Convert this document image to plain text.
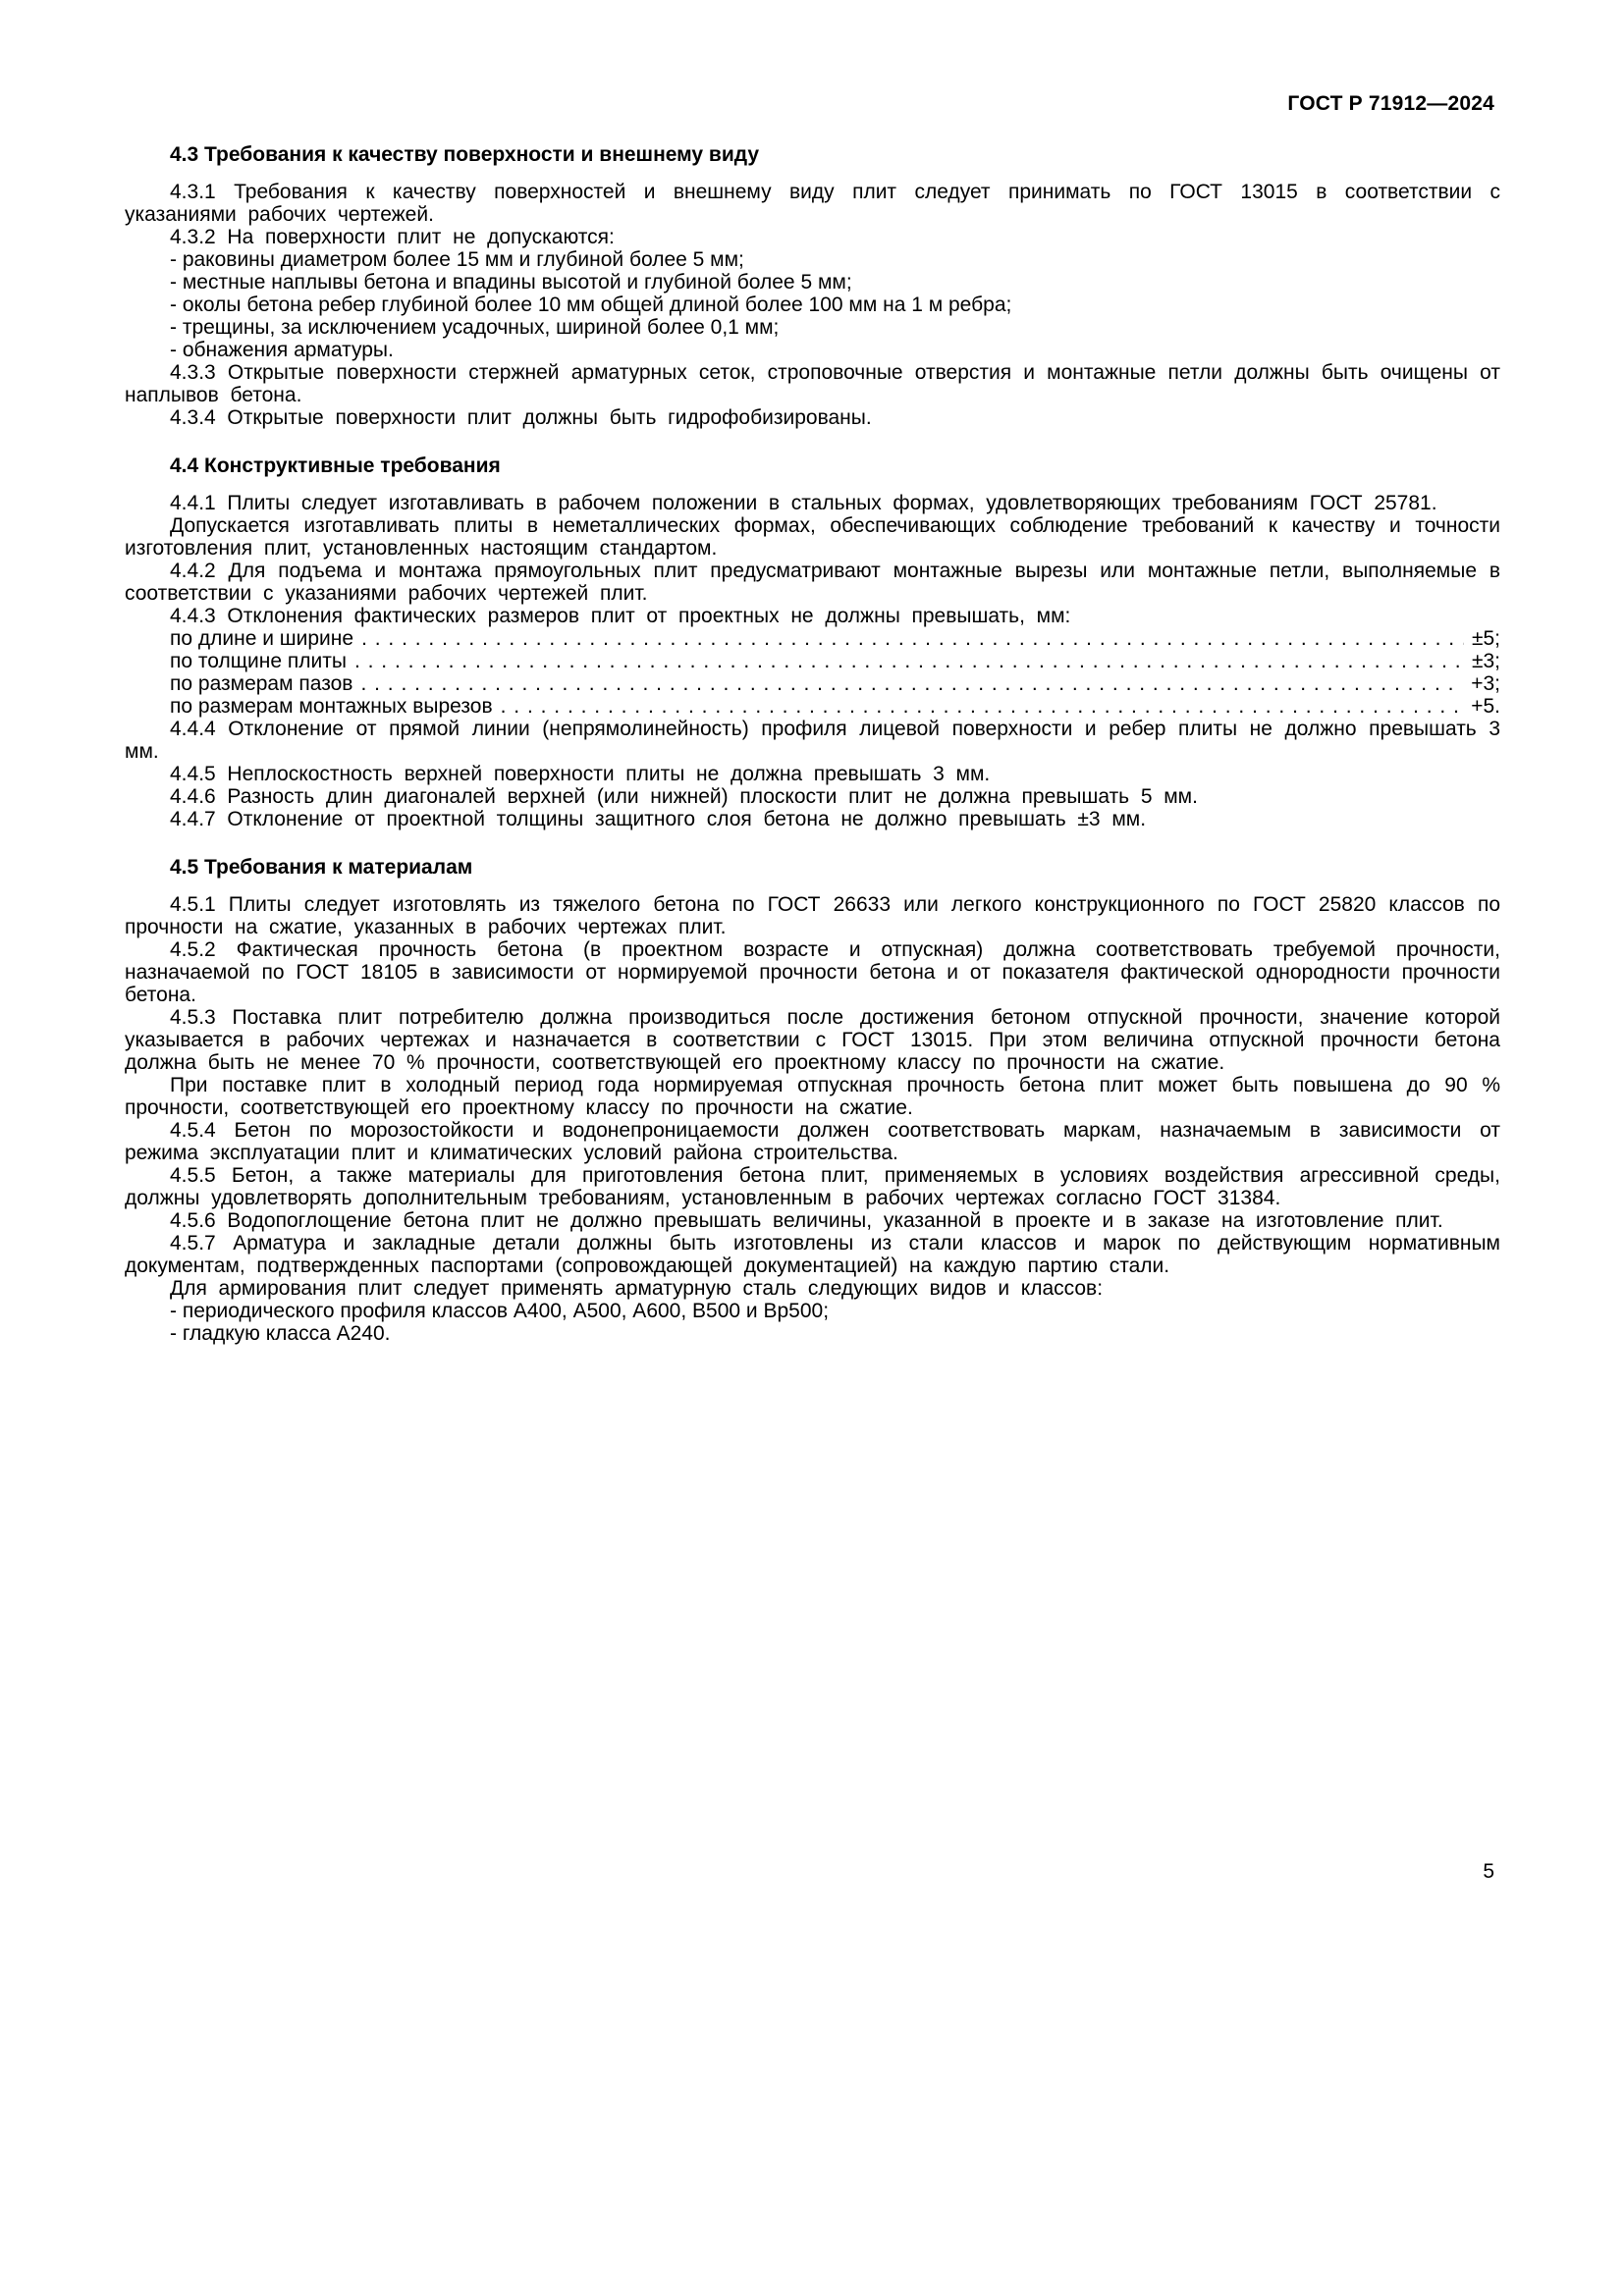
ГОСТ Р 71912—2024
4.3 Требования к качеству поверхности и внешнему виду

4.3.1 Требования к качеству поверхностей и внешнему виду плит следует принимать по ГОСТ 13015 в соответствии с указаниями рабочих чертежей.

4.3.2 На поверхности плит не допускаются:

- раковины диаметром более 15 мм и глубиной более 5 мм;

- местные наплывы бетона и впадины высотой и глубиной более 5 мм;

- околы бетона ребер глубиной более 10 мм общей длиной более 100 мм на 1 м ребра;

- трещины, за исключением усадочных, шириной более 0,1 мм;

- обнажения арматуры.

4.3.3 Открытые поверхности стержней арматурных сеток, строповочные отверстия и монтажные петли должны быть очищены от наплывов бетона.

4.3.4 Открытые поверхности плит должны быть гидрофобизированы.

4.4 Конструктивные требования

4.4.1 Плиты следует изготавливать в рабочем положении в стальных формах, удовлетворяющих требованиям ГОСТ 25781.

Допускается изготавливать плиты в неметаллических формах, обеспечивающих соблюдение требований к качеству и точности изготовления плит, установленных настоящим стандартом.

4.4.2 Для подъема и монтажа прямоугольных плит предусматривают монтажные вырезы или монтажные петли, выполняемые в соответствии с указаниями рабочих чертежей плит.

4.4.3 Отклонения фактических размеров плит от проектных не должны превышать, мм:

по длине и ширине . . .	±5;
по толщине плиты . . .	±3;
по размерам пазов . . .	+3;
по размерам монтажных вырезов . . .	+5.

4.4.4 Отклонение от прямой линии (непрямолинейность) профиля лицевой поверхности и ребер плиты не должно превышать 3 мм.

4.4.5 Неплоскостность верхней поверхности плиты не должна превышать 3 мм.

4.4.6 Разность длин диагоналей верхней (или нижней) плоскости плит не должна превышать 5 мм.

4.4.7 Отклонение от проектной толщины защитного слоя бетона не должно превышать ±3 мм.

4.5 Требования к материалам

4.5.1 Плиты следует изготовлять из тяжелого бетона по ГОСТ 26633 или легкого конструкционного по ГОСТ 25820 классов по прочности на сжатие, указанных в рабочих чертежах плит.

4.5.2 Фактическая прочность бетона (в проектном возрасте и отпускная) должна соответствовать требуемой прочности, назначаемой по ГОСТ 18105 в зависимости от нормируемой прочности бетона и от показателя фактической однородности прочности бетона.

4.5.3 Поставка плит потребителю должна производиться после достижения бетоном отпускной прочности, значение которой указывается в рабочих чертежах и назначается в соответствии с ГОСТ 13015. При этом величина отпускной прочности бетона должна быть не менее 70 % прочности, соответствующей его проектному классу по прочности на сжатие.

При поставке плит в холодный период года нормируемая отпускная прочность бетона плит может быть повышена до 90 % прочности, соответствующей его проектному классу по прочности на сжатие.

4.5.4 Бетон по морозостойкости и водонепроницаемости должен соответствовать маркам, назначаемым в зависимости от режима эксплуатации плит и климатических условий района строительства.

4.5.5 Бетон, а также материалы для приготовления бетона плит, применяемых в условиях воздействия агрессивной среды, должны удовлетворять дополнительным требованиям, установленным в рабочих чертежах согласно ГОСТ 31384.

4.5.6 Водопоглощение бетона плит не должно превышать величины, указанной в проекте и в заказе на изготовление плит.

4.5.7 Арматура и закладные детали должны быть изготовлены из стали классов и марок по действующим нормативным документам, подтвержденных паспортами (сопровождающей документацией) на каждую партию стали.

Для армирования плит следует применять арматурную сталь следующих видов и классов:

- периодического профиля классов А400, А500, А600, В500 и Вр500;

- гладкую класса А240.

5
